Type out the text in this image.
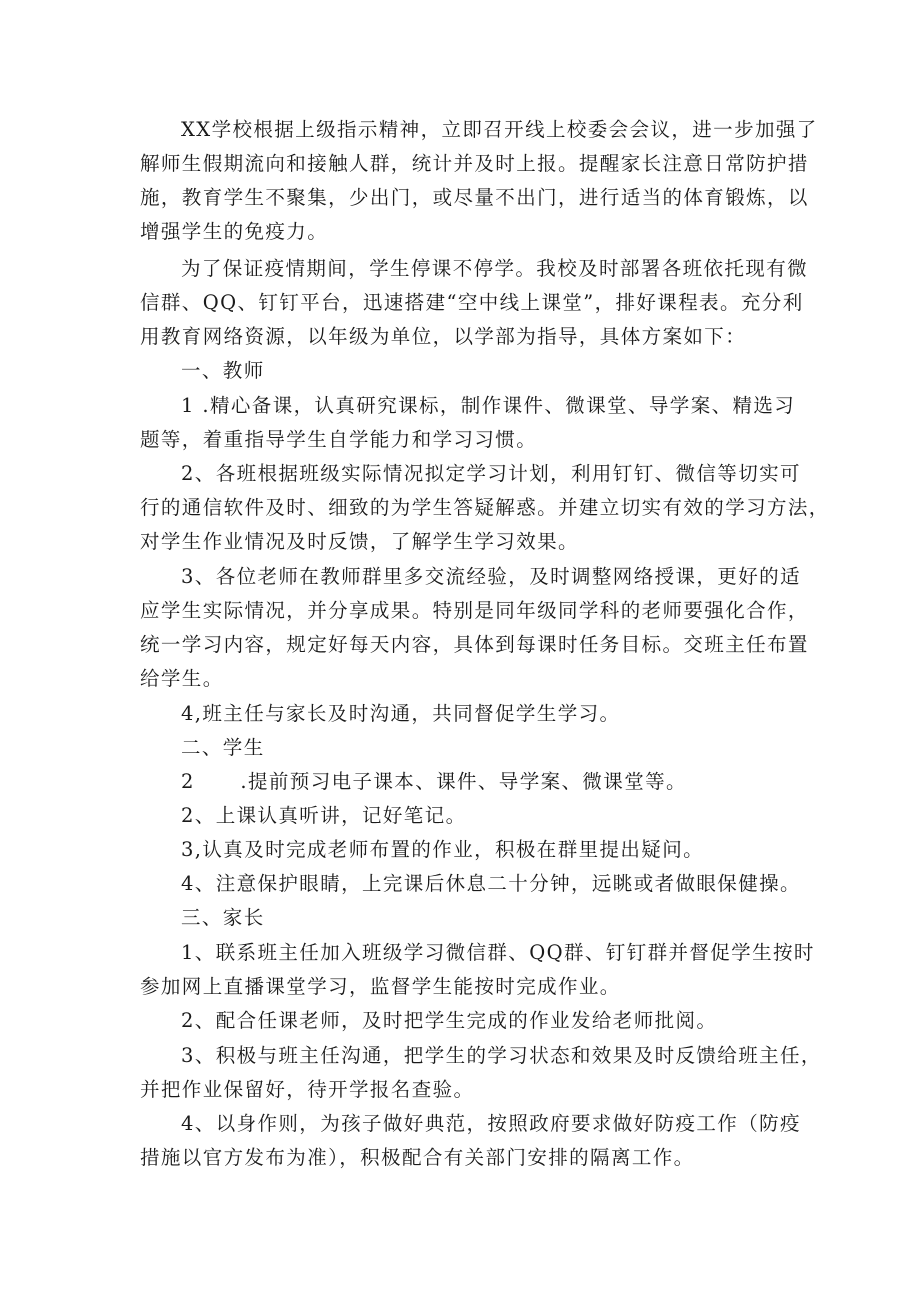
XX学校根据上级指示精神，立即召开线上校委会会议，进一步加强了
解师生假期流向和接触人群，统计并及时上报。提醒家长注意日常防护措
施，教育学生不聚集，少出门，或尽量不出门，进行适当的体育锻炼，以
增强学生的免疫力。
为了保证疫情期间，学生停课不停学。我校及时部署各班依托现有微
信群、QQ、钉钉平台，迅速搭建“空中线上课堂”，排好课程表。充分利
用教育网络资源，以年级为单位，以学部为指导，具体方案如下：
一、教师
1 .精心备课，认真研究课标，制作课件、微课堂、导学案、精选习
题等，着重指导学生自学能力和学习习惯。
2、各班根据班级实际情况拟定学习计划，利用钉钉、微信等切实可
行的通信软件及时、细致的为学生答疑解惑。并建立切实有效的学习方法，
对学生作业情况及时反馈，了解学生学习效果。
3、各位老师在教师群里多交流经验，及时调整网络授课，更好的适
应学生实际情况，并分享成果。特别是同年级同学科的老师要强化合作，
统一学习内容，规定好每天内容，具体到每课时任务目标。交班主任布置
给学生。
4,班主任与家长及时沟通，共同督促学生学习。
二、学生
2      .提前预习电子课本、课件、导学案、微课堂等。
2、上课认真听讲，记好笔记。
3,认真及时完成老师布置的作业，积极在群里提出疑问。
4、注意保护眼睛，上完课后休息二十分钟，远眺或者做眼保健操。
三、家长
1、联系班主任加入班级学习微信群、QQ群、钉钉群并督促学生按时
参加网上直播课堂学习，监督学生能按时完成作业。
2、配合任课老师，及时把学生完成的作业发给老师批阅。
3、积极与班主任沟通，把学生的学习状态和效果及时反馈给班主任，
并把作业保留好，待开学报名查验。
4、以身作则，为孩子做好典范，按照政府要求做好防疫工作（防疫
措施以官方发布为准），积极配合有关部门安排的隔离工作。
